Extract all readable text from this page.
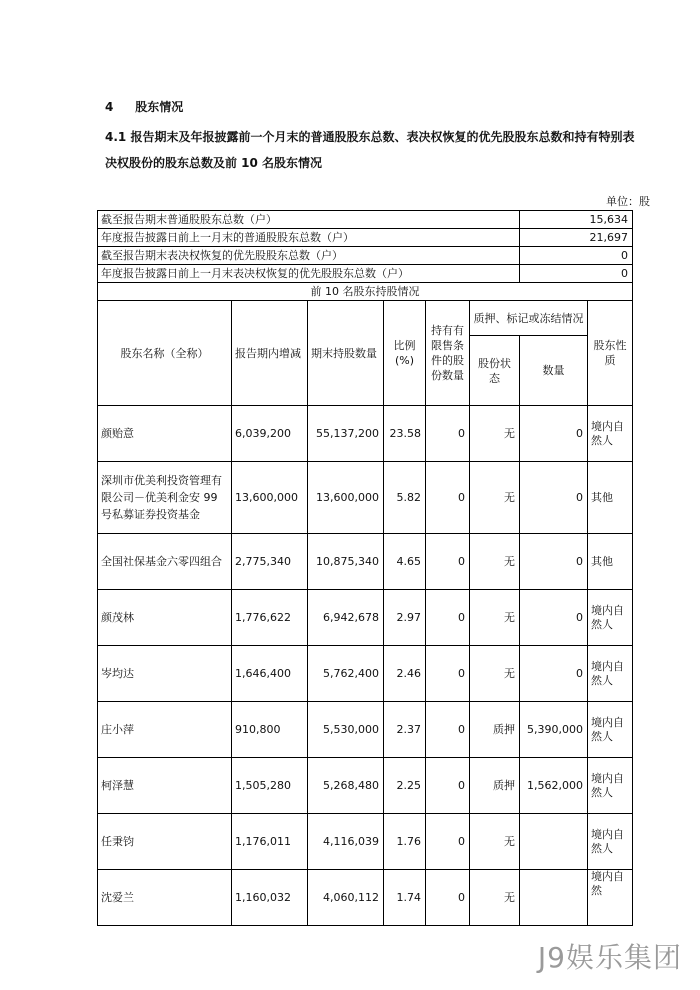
4 股东情况
4.1 报告期末及年报披露前一个月末的普通股股东总数、表决权恢复的优先股股东总数和持有特别表决权股份的股东总数及前 10 名股东情况
单位：股
截至报告期末普通股股东总数（户）						15,634	
年度报告披露日前上一月末的普通股股东总数（户）						21,697	
截至报告期末表决权恢复的优先股股东总数（户）						0	
年度报告披露日前上一月末表决权恢复的优先股股东总数（户）						0	
前 10 名股东持股情况							
股东名称（全称）	报告期内增减	期末持股数量	比例(%)	持有有限售条件的股份数量	质押、标记或冻结情况		股东性质
					股份状态	数量	
颜贻意	6,039,200	55,137,200	23.58	0	无	0	境内自然人
深圳市优美利投资管理有限公司－优美利金安 99 号私募证券投资基金	13,600,000	13,600,000	5.82	0	无	0	其他
全国社保基金六零四组合	2,775,340	10,875,340	4.65	0	无	0	其他
颜茂林	1,776,622	6,942,678	2.97	0	无	0	境内自然人
岑均达	1,646,400	5,762,400	2.46	0	无	0	境内自然人
庄小萍	910,800	5,530,000	2.37	0	质押	5,390,000	境内自然人
柯泽慧	1,505,280	5,268,480	2.25	0	质押	1,562,000	境内自然人
任秉钧	1,176,011	4,116,039	1.76	0	无		境内自然人
沈爱兰	1,160,032	4,060,112	1.74	0	无		境内自然
J9娱乐集团
